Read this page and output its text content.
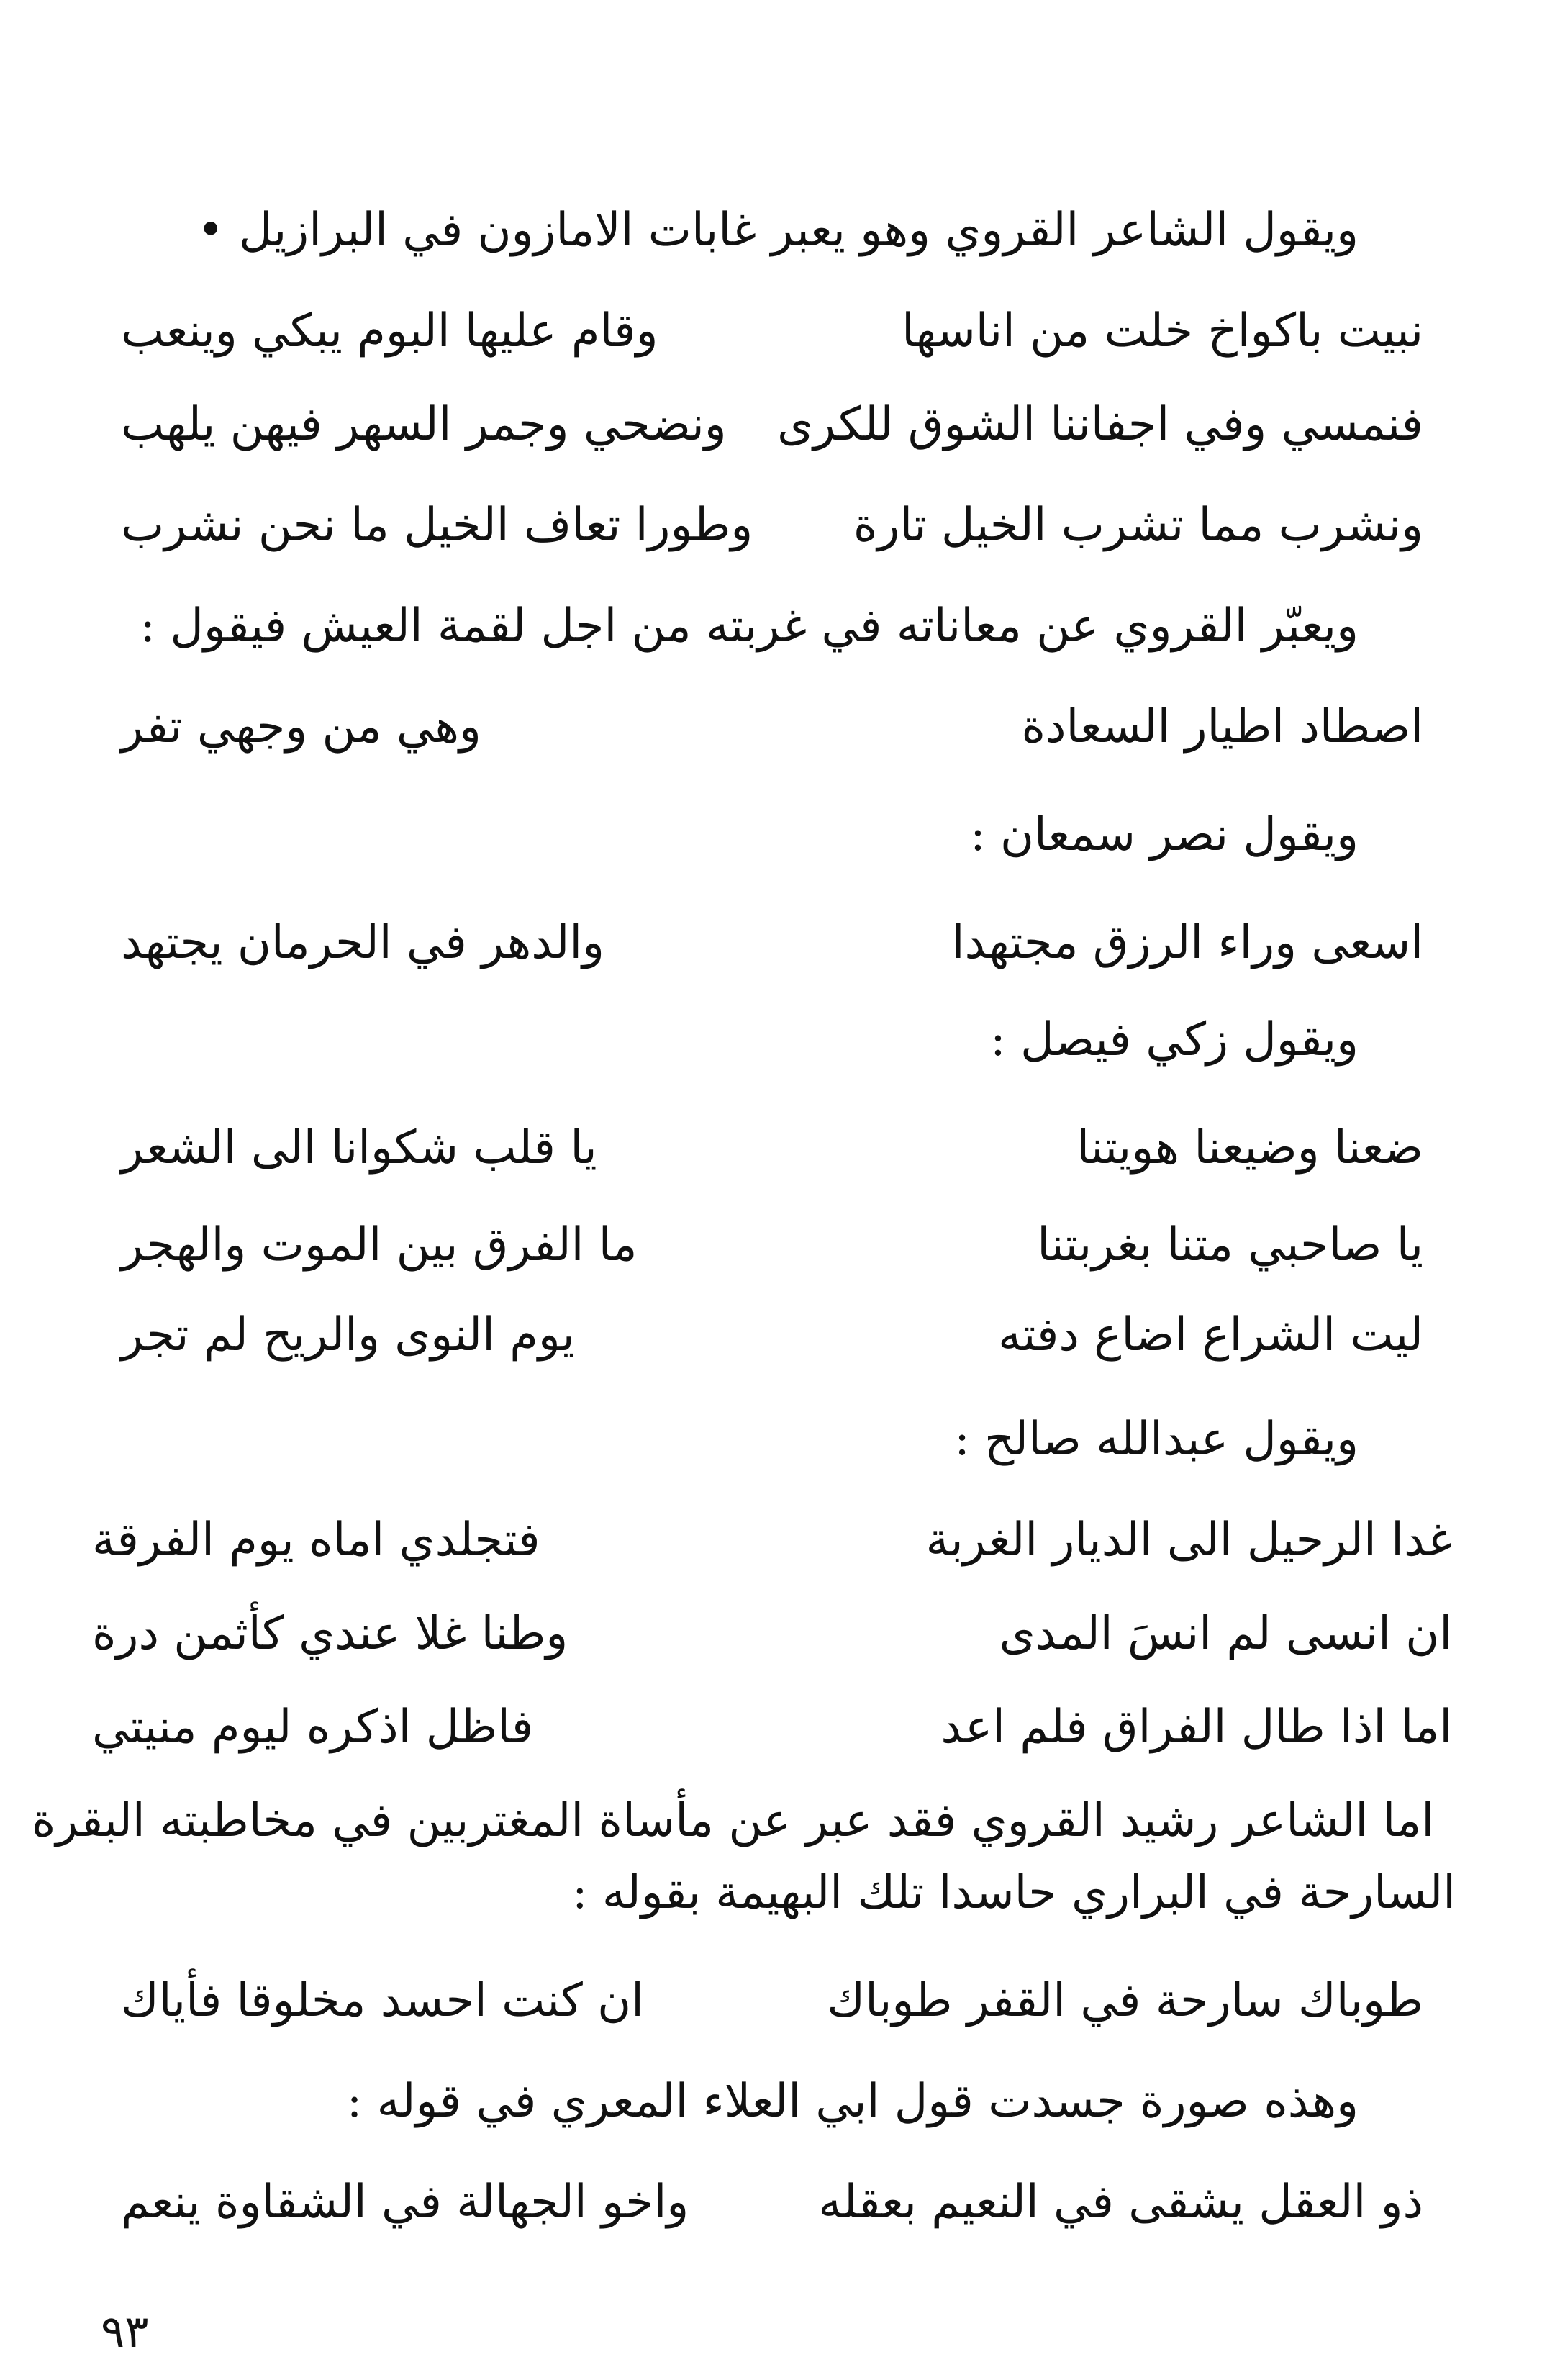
ويقول الشاعر القروي وهو يعبر غابات الامازون في البرازيل •
نبيت باكواخ خلت من اناسها
وقام عليها البوم يبكي وينعب
فنمسي وفي اجفاننا الشوق للكرى
ونضحي وجمر السهر فيهن يلهب
ونشرب مما تشرب الخيل تارة
وطورا تعاف الخيل ما نحن نشرب
ويعبّر القروي عن معاناته في غربته من اجل لقمة العيش فيقول :
اصطاد اطيار السعادة
وهي من وجهي تفر
ويقول نصر سمعان :
اسعى وراء الرزق مجتهدا
والدهر في الحرمان يجتهد
ويقول زكي فيصل :
ضعنا وضيعنا هويتنا
يا قلب شكوانا الى الشعر
يا صاحبي متنا بغربتنا
ما الفرق بين الموت والهجر
ليت الشراع اضاع دفته
يوم النوى والريح لم تجر
ويقول عبدالله صالح :
غدا الرحيل الى الديار الغربة
فتجلدي اماه يوم الفرقة
ان انسى لم انسَ المدى
وطنا غلا عندي كأثمن درة
اما اذا طال الفراق فلم اعد
فاظل اذكره ليوم منيتي
اما الشاعر رشيد القروي فقد عبر عن مأساة المغتربين في مخاطبته البقرة
السارحة في البراري حاسدا تلك البهيمة بقوله :
طوباك سارحة في القفر طوباك
ان كنت احسد مخلوقا فأياك
وهذه صورة جسدت قول ابي العلاء المعري في قوله :
ذو العقل يشقى في النعيم بعقله
واخو الجهالة في الشقاوة ينعم
٩٣
